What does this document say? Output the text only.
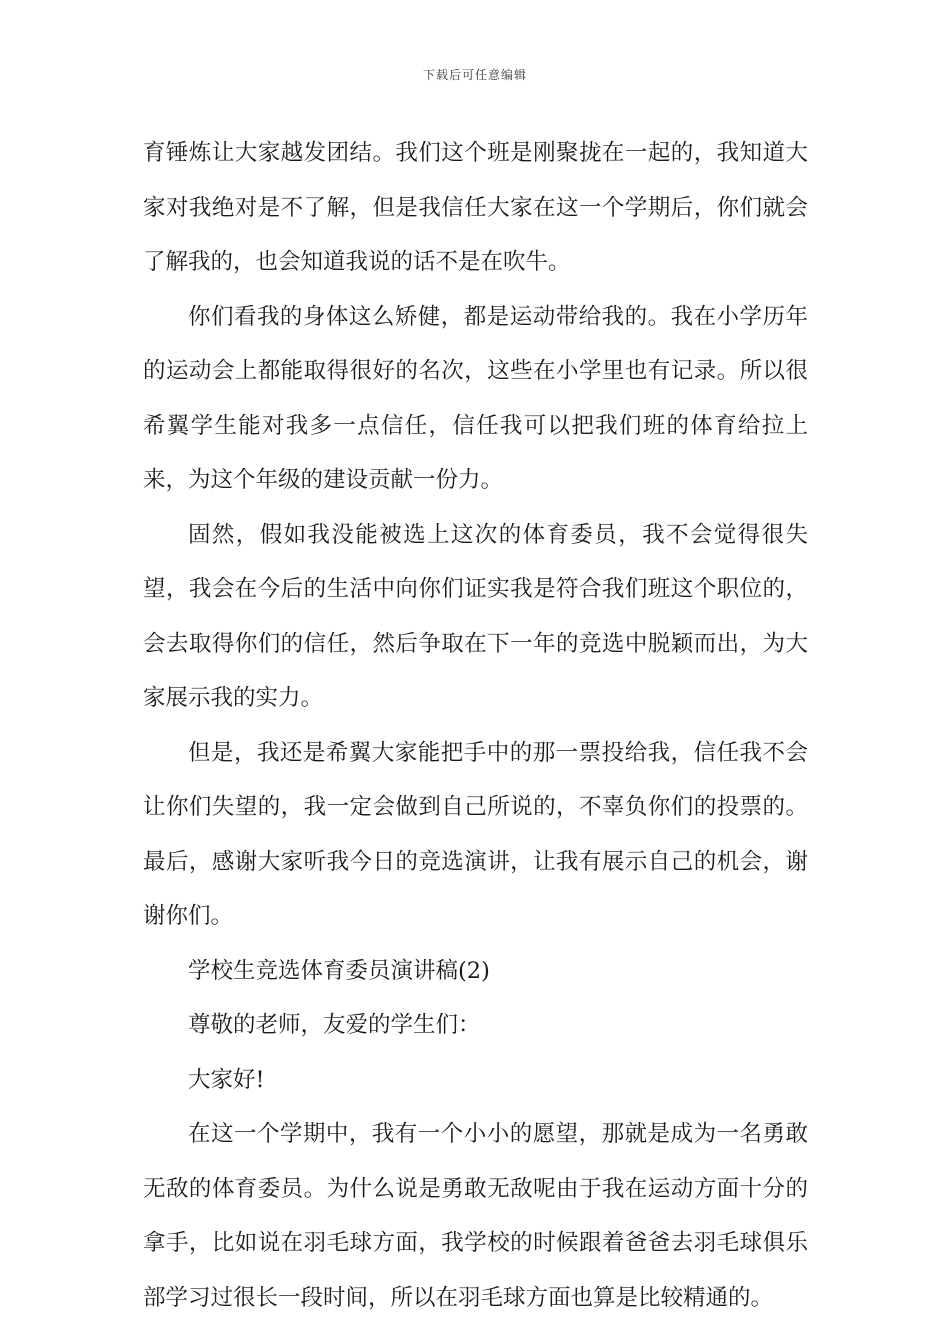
下载后可任意编辑

育锤炼让大家越发团结。我们这个班是刚聚拢在一起的，我知道大家对我绝对是不了解，但是我信任大家在这一个学期后，你们就会了解我的，也会知道我说的话不是在吹牛。

你们看我的身体这么矫健，都是运动带给我的。我在小学历年的运动会上都能取得很好的名次，这些在小学里也有记录。所以很希翼学生能对我多一点信任，信任我可以把我们班的体育给拉上来，为这个年级的建设贡献一份力。

固然，假如我没能被选上这次的体育委员，我不会觉得很失望，我会在今后的生活中向你们证实我是符合我们班这个职位的，会去取得你们的信任，然后争取在下一年的竞选中脱颖而出，为大家展示我的实力。

但是，我还是希翼大家能把手中的那一票投给我，信任我不会让你们失望的，我一定会做到自己所说的，不辜负你们的投票的。最后，感谢大家听我今日的竞选演讲，让我有展示自己的机会，谢谢你们。

学校生竞选体育委员演讲稿(2)

尊敬的老师，友爱的学生们：

大家好!

在这一个学期中，我有一个小小的愿望，那就是成为一名勇敢无敌的体育委员。为什么说是勇敢无敌呢由于我在运动方面十分的拿手，比如说在羽毛球方面，我学校的时候跟着爸爸去羽毛球俱乐部学习过很长一段时间，所以在羽毛球方面也算是比较精通的。
